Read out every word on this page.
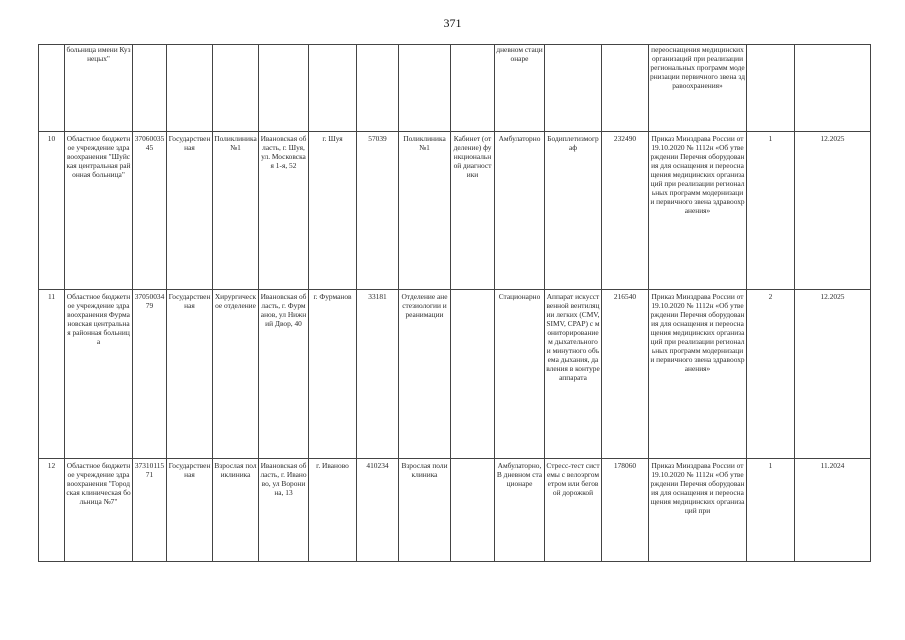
371
	больница имени Кузнецых"									дневном стационаре			переоснащения медицинских организаций при реализации региональных программ модернизации первичного звена здравоохранения»		
10	Областное бюджетное учреждение здравоохранения "Шуйская центральная районная больница"	3706003545	Государственная	Поликлиника №1	Ивановская область, г. Шуя, ул. Московская 1-я, 52	г. Шуя	57039	Поликлиника №1	Кабинет (отделение) функциональной диагностики	Амбулаторно	Бодиплетизмограф	232490	Приказ Минздрава России от 19.10.2020 № 1112н «Об утверждении Перечня оборудования для оснащения и переоснащения медицинских организаций при реализации региональных программ модернизации первичного звена здравоохранения»	1	12.2025
11	Областное бюджетное учреждение здравоохранения Фурмановская центральная районная больница	3705003479	Государственная	Хирургическое отделение	Ивановская область, г. Фурманов, ул Нижний Двор, 40	г. Фурманов	33181	Отделение анестезиологии и реанимации		Стационарно	Аппарат искусственной вентиляции легких (CMV, SIMV, CPAP) с мониторированием дыхательного и минутного объема дыхания, давления в контуре аппарата	216540	Приказ Минздрава России от 19.10.2020 № 1112н «Об утверждении Перечня оборудования для оснащения и переоснащения медицинских организаций при реализации региональных программ модернизации первичного звена здравоохранения»	2	12.2025
12	Областное бюджетное учреждение здравоохранения "Городская клиническая больница №7"	3731011571	Государственная	Взрослая поликлиника	Ивановская область, г. Иваново, ул Воронина, 13	г. Иваново	410234	Взрослая поликлиника		Амбулаторно, В дневном стационаре	Стресс-тест системы с велоэргометром или беговой дорожкой	178060	Приказ Минздрава России от 19.10.2020 № 1112н «Об утверждении Перечня оборудования для оснащения и переоснащения медицинских организаций при	1	11.2024
